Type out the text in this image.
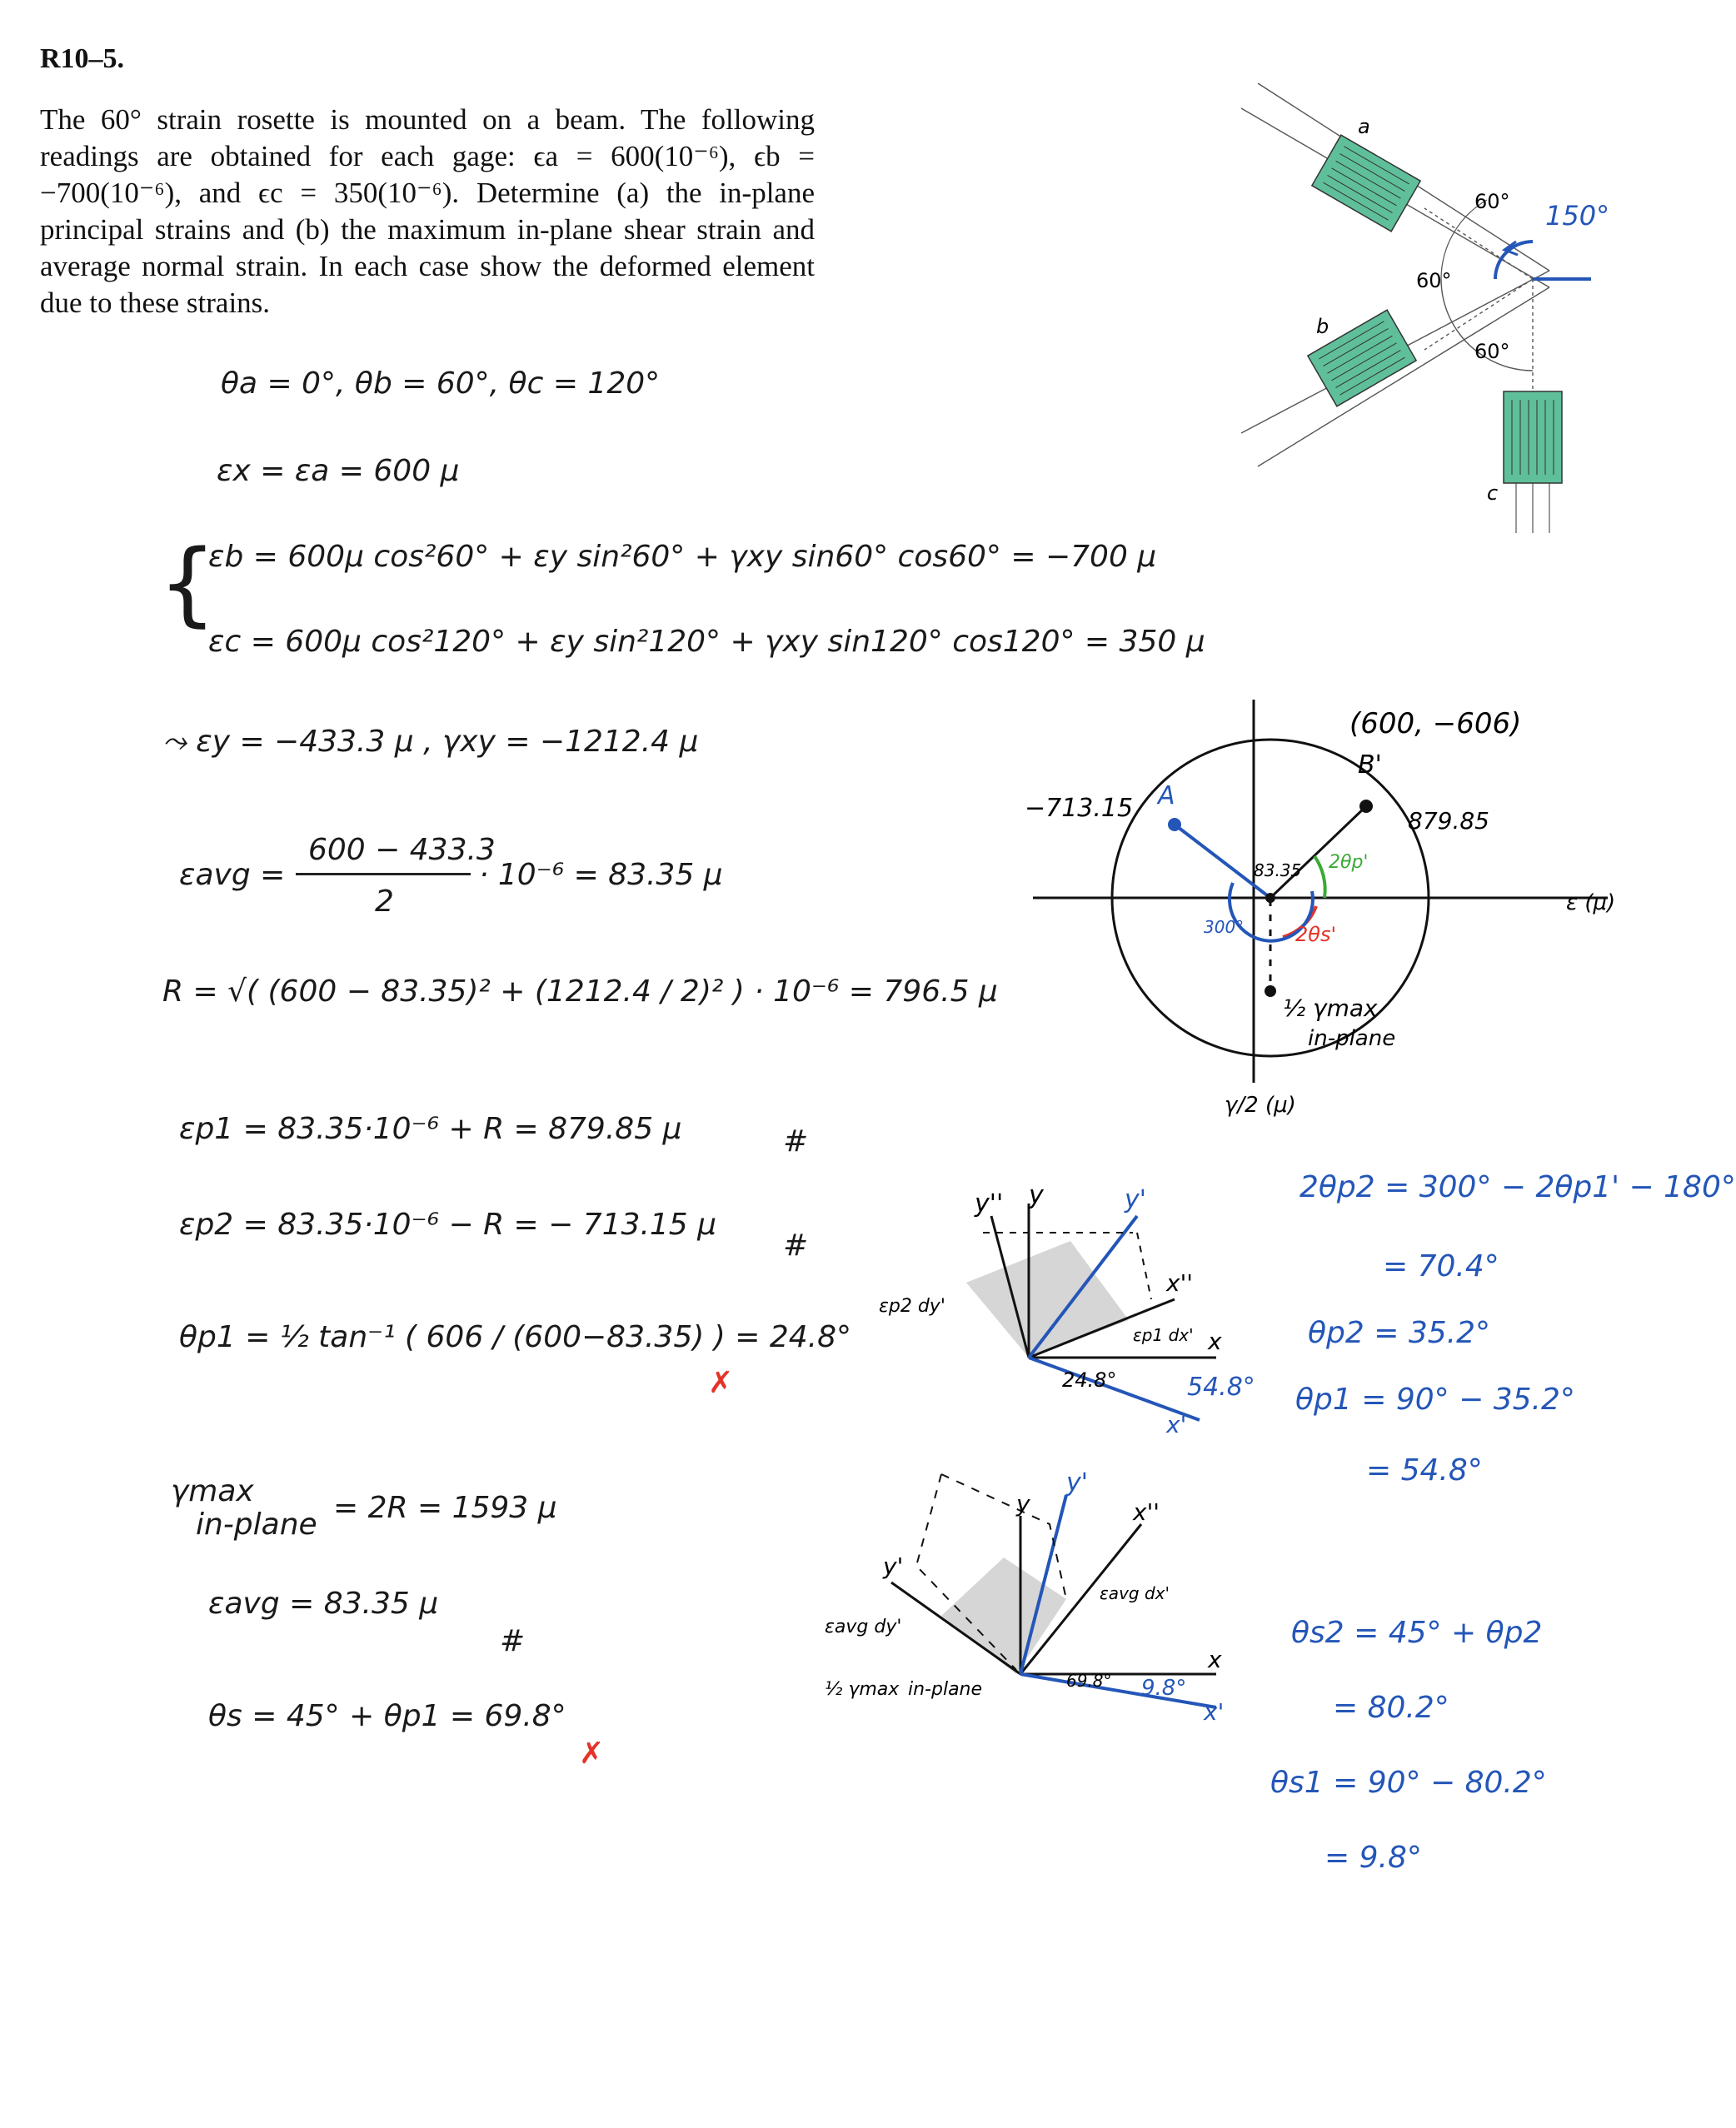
R10–5.
The 60° strain rosette is mounted on a beam. The following readings are obtained for each gage: ϵa = 600(10⁻⁶), ϵb = −700(10⁻⁶), and ϵc = 350(10⁻⁶). Determine (a) the in-plane principal strains and (b) the maximum in-plane shear strain and average normal strain. In each case show the deformed element due to these strains.
a
b
c
60°
60°
60°
150°
θa = 0°, θb = 60°, θc = 120°
εx = εa = 600 μ
{
εb = 600μ cos²60° + εy sin²60° + γxy sin60° cos60° = −700 μ
εc = 600μ cos²120° + εy sin²120° + γxy sin120° cos120° = 350 μ
⤳ εy = −433.3 μ , γxy = −1212.4 μ
εavg =
600 − 433.3
2
· 10⁻⁶ = 83.35 μ
R = √( (600 − 83.35)² + (1212.4 / 2)² ) · 10⁻⁶ = 796.5 μ
εp1 = 83.35·10⁻⁶ + R = 879.85 μ	#
εp2 = 83.35·10⁻⁶ − R = − 713.15 μ
#
θp1 = ½ tan⁻¹ ( 606 / (600−83.35) ) = 24.8°
✗
γmax
in-plane = 2R = 1593 μ
εavg = 83.35 μ
#
θs = 45° + θp1 = 69.8°
✗
(600, −606)
B'
−713.15 A
879.85
ε (μ)
83.35
300°
2θp'
2θs'
½ γmax
in-plane
γ/2 (μ)
2θp2 = 300° − 2θp1' − 180°
= 70.4°
θp2 = 35.2°
θp1 = 90° − 35.2°
= 54.8°
θs2 = 45° + θp2
= 80.2°
θs1 = 90° − 80.2°
= 9.8°
y'' y	y'
x''
x
x'
εp2 dy'
εp1 dx'
24.8°	54.8°
y'
y
y'
x''
x
x'
εavg dy'
εavg dx'
½ γmax in-plane	69.8° 9.8°
